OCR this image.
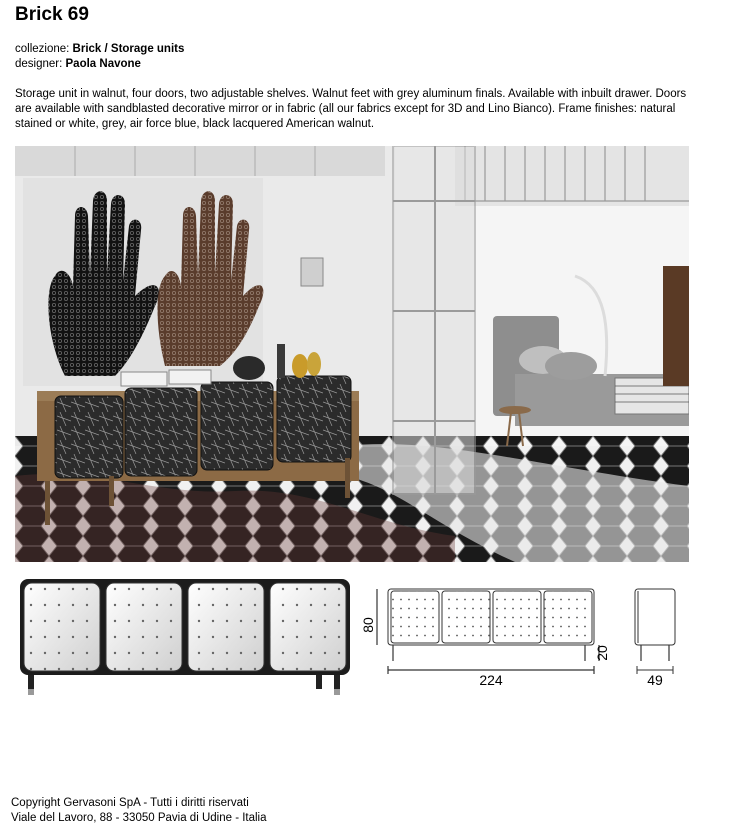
Brick 69
collezione: Brick / Storage units
designer: Paola Navone
Storage unit in walnut, four doors, two adjustable shelves. Walnut feet with grey aluminum finals. Available with inbuilt drawer. Doors are available with sandblasted decorative mirror or in fabric (all our fabrics except for 3D and Lino Bianco). Frame finishes: natural stained or white, grey, air force blue, black lacquered American walnut.
80
20
224	49
Copyright Gervasoni SpA - Tutti i diritti riservati
Viale del Lavoro, 88 - 33050 Pavia di Udine - Italia
